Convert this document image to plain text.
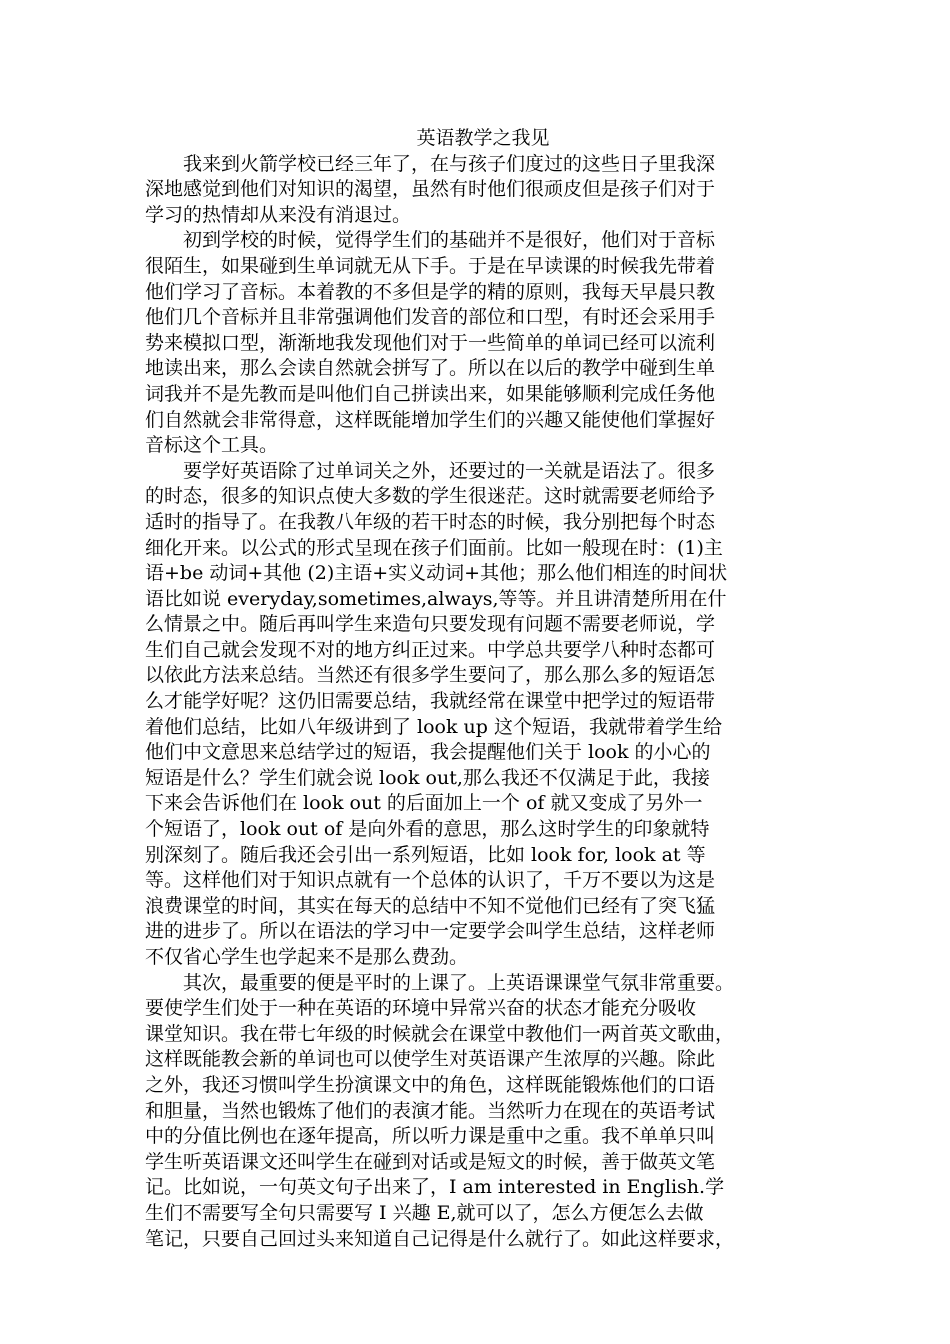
英语教学之我见
我来到火箭学校已经三年了，在与孩子们度过的这些日子里我深
深地感觉到他们对知识的渴望，虽然有时他们很顽皮但是孩子们对于
学习的热情却从来没有消退过。
初到学校的时候，觉得学生们的基础并不是很好，他们对于音标
很陌生，如果碰到生单词就无从下手。于是在早读课的时候我先带着
他们学习了音标。本着教的不多但是学的精的原则，我每天早晨只教
他们几个音标并且非常强调他们发音的部位和口型，有时还会采用手
势来模拟口型，渐渐地我发现他们对于一些简单的单词已经可以流利
地读出来，那么会读自然就会拼写了。所以在以后的教学中碰到生单
词我并不是先教而是叫他们自己拼读出来，如果能够顺利完成任务他
们自然就会非常得意，这样既能增加学生们的兴趣又能使他们掌握好
音标这个工具。
要学好英语除了过单词关之外，还要过的一关就是语法了。很多
的时态，很多的知识点使大多数的学生很迷茫。这时就需要老师给予
适时的指导了。在我教八年级的若干时态的时候，我分别把每个时态
细化开来。以公式的形式呈现在孩子们面前。比如一般现在时：(1)主
语+be 动词+其他 (2)主语+实义动词+其他；那么他们相连的时间状
语比如说 everyday,sometimes,always,等等。并且讲清楚所用在什
么情景之中。随后再叫学生来造句只要发现有问题不需要老师说，学
生们自己就会发现不对的地方纠正过来。中学总共要学八种时态都可
以依此方法来总结。当然还有很多学生要问了，那么那么多的短语怎
么才能学好呢？这仍旧需要总结，我就经常在课堂中把学过的短语带
着他们总结，比如八年级讲到了 look up 这个短语，我就带着学生给
他们中文意思来总结学过的短语，我会提醒他们关于 look 的小心的
短语是什么？学生们就会说 look out,那么我还不仅满足于此，我接
下来会告诉他们在 look out 的后面加上一个 of 就又变成了另外一
个短语了，look out of 是向外看的意思，那么这时学生的印象就特
别深刻了。随后我还会引出一系列短语，比如 look for, look at 等
等。这样他们对于知识点就有一个总体的认识了，千万不要以为这是
浪费课堂的时间，其实在每天的总结中不知不觉他们已经有了突飞猛
进的进步了。所以在语法的学习中一定要学会叫学生总结，这样老师
不仅省心学生也学起来不是那么费劲。
其次，最重要的便是平时的上课了。上英语课课堂气氛非常重要。
要使学生们处于一种在英语的环境中异常兴奋的状态才能充分吸收
课堂知识。我在带七年级的时候就会在课堂中教他们一两首英文歌曲，
这样既能教会新的单词也可以使学生对英语课产生浓厚的兴趣。除此
之外，我还习惯叫学生扮演课文中的角色，这样既能锻炼他们的口语
和胆量，当然也锻炼了他们的表演才能。当然听力在现在的英语考试
中的分值比例也在逐年提高，所以听力课是重中之重。我不单单只叫
学生听英语课文还叫学生在碰到对话或是短文的时候，善于做英文笔
记。比如说，一句英文句子出来了，I am interested in English.学
生们不需要写全句只需要写 I 兴趣 E,就可以了，怎么方便怎么去做
笔记，只要自己回过头来知道自己记得是什么就行了。如此这样要求，
